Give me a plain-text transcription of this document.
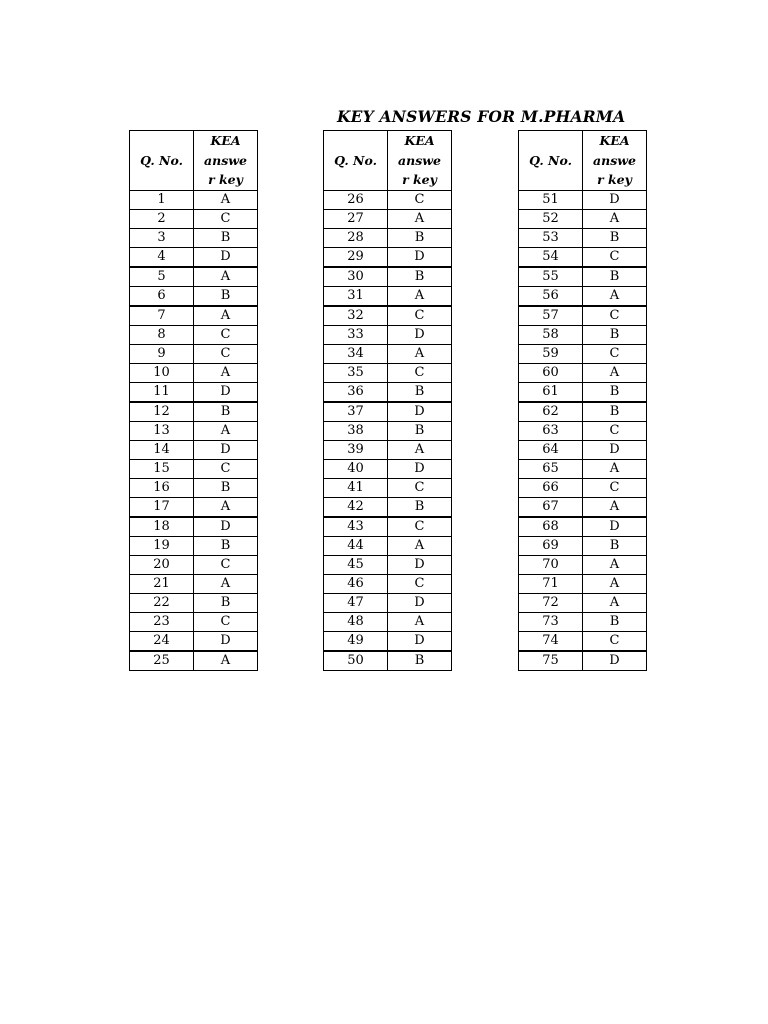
KEY ANSWERS FOR M.PHARMA
Q. No.	KEA
answe
r key

1	A
2	C
3	B
4	D
5	A
6	B
7	A
8	C
9	C
10	A
11	D
12	B
13	A
14	D
15	C
16	B
17	A
18	D
19	B
20	C
21	A
22	B
23	C
24	D
25	A
Q. No.	KEA
answe
r key

26	C
27	A
28	B
29	D
30	B
31	A
32	C
33	D
34	A
35	C
36	B
37	D
38	B
39	A
40	D
41	C
42	B
43	C
44	A
45	D
46	C
47	D
48	A
49	D
50	B
Q. No.	KEA
answe
r key

51	D
52	A
53	B
54	C
55	B
56	A
57	C
58	B
59	C
60	A
61	B
62	B
63	C
64	D
65	A
66	C
67	A
68	D
69	B
70	A
71	A
72	A
73	B
74	C
75	D
